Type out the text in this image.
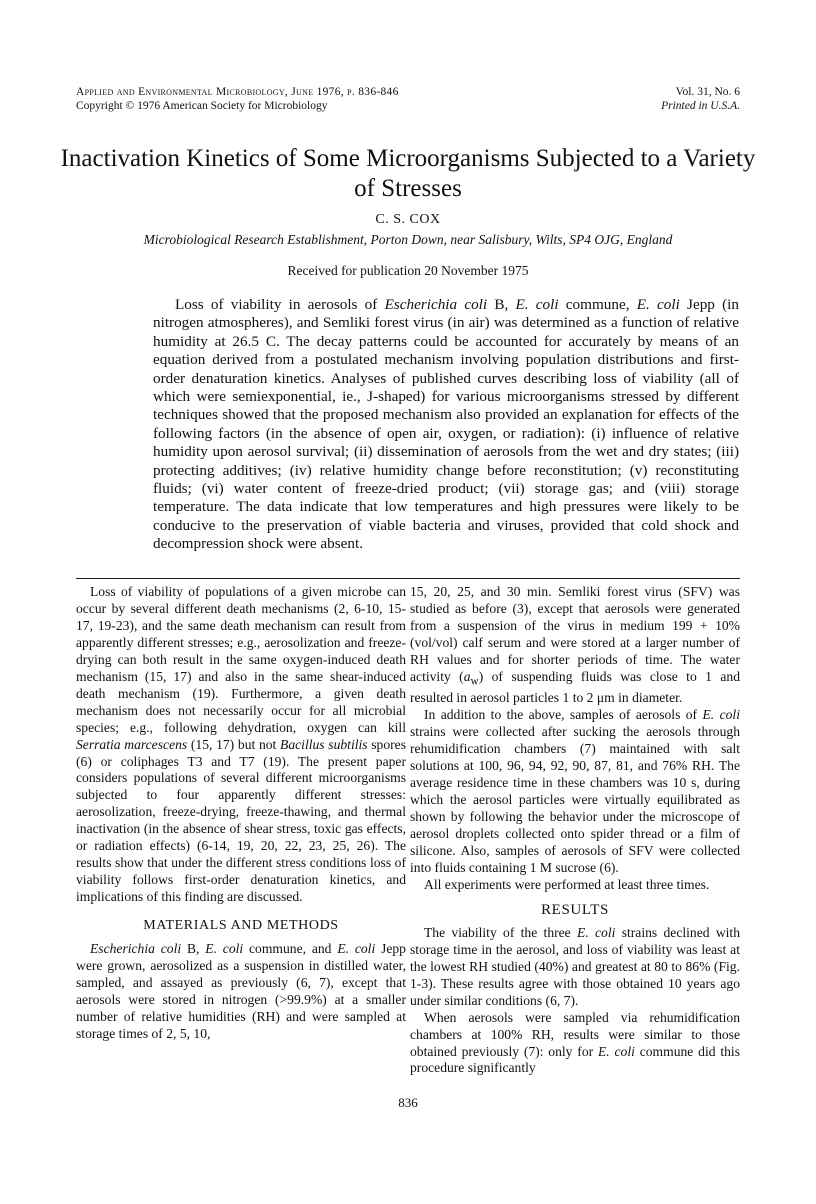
Applied and Environmental Microbiology, June 1976, p. 836-846
Copyright © 1976 American Society for Microbiology
Vol. 31, No. 6
Printed in U.S.A.
Inactivation Kinetics of Some Microorganisms Subjected to a Variety of Stresses
C. S. COX
Microbiological Research Establishment, Porton Down, near Salisbury, Wilts, SP4 OJG, England
Received for publication 20 November 1975

Loss of viability in aerosols of Escherichia coli B, E. coli commune, E. coli Jepp (in nitrogen atmospheres), and Semliki forest virus (in air) was determined as a function of relative humidity at 26.5 C. The decay patterns could be accounted for accurately by means of an equation derived from a postulated mechanism involving population distributions and first-order denaturation kinetics. Analyses of published curves describing loss of viability (all of which were semiexponential, ie., J-shaped) for various microorganisms stressed by different techniques showed that the proposed mechanism also provided an explanation for effects of the following factors (in the absence of open air, oxygen, or radiation): (i) influence of relative humidity upon aerosol survival; (ii) dissemination of aerosols from the wet and dry states; (iii) protecting additives; (iv) relative humidity change before reconstitution; (v) reconstituting fluids; (vi) water content of freeze-dried product; (vii) storage gas; and (viii) storage temperature. The data indicate that low temperatures and high pressures were likely to be conducive to the preservation of viable bacteria and viruses, provided that cold shock and decompression shock were absent.

Loss of viability of populations of a given microbe can occur by several different death mechanisms (2, 6-10, 15-17, 19-23), and the same death mechanism can result from apparently different stresses; e.g., aerosolization and freeze-drying can both result in the same oxygen-induced death mechanism (15, 17) and also in the same shear-induced death mechanism (19). Furthermore, a given death mechanism does not necessarily occur for all microbial species; e.g., following dehydration, oxygen can kill Serratia marcescens (15, 17) but not Bacillus subtilis spores (6) or coliphages T3 and T7 (19). The present paper considers populations of several different microorganisms subjected to four apparently different stresses: aerosolization, freeze-drying, freeze-thawing, and thermal inactivation (in the absence of shear stress, toxic gas effects, or radiation effects) (6-14, 19, 20, 22, 23, 25, 26). The results show that under the different stress conditions loss of viability follows first-order denaturation kinetics, and implications of this finding are discussed.

MATERIALS AND METHODS

Escherichia coli B, E. coli commune, and E. coli Jepp were grown, aerosolized as a suspension in distilled water, sampled, and assayed as previously (6, 7), except that aerosols were stored in nitrogen (>99.9%) at a smaller number of relative humidities (RH) and were sampled at storage times of 2, 5, 10,

15, 20, 25, and 30 min. Semliki forest virus (SFV) was studied as before (3), except that aerosols were generated from a suspension of the virus in medium 199 + 10% (vol/vol) calf serum and were stored at a larger number of RH values and for shorter periods of time. The water activity $(a_w)$ of suspending fluids was close to 1 and resulted in aerosol particles 1 to 2 μm in diameter.

In addition to the above, samples of aerosols of E. coli strains were collected after sucking the aerosols through rehumidification chambers (7) maintained with salt solutions at 100, 96, 94, 92, 90, 87, 81, and 76% RH. The average residence time in these chambers was 10 s, during which the aerosol particles were virtually equilibrated as shown by following the behavior under the microscope of aerosol droplets collected onto spider thread or a film of silicone. Also, samples of aerosols of SFV were collected into fluids containing 1 M sucrose (6).

All experiments were performed at least three times.

RESULTS

The viability of the three E. coli strains declined with storage time in the aerosol, and loss of viability was least at the lowest RH studied (40%) and greatest at 80 to 86% (Fig. 1-3). These results agree with those obtained 10 years ago under similar conditions (6, 7).

When aerosols were sampled via rehumidification chambers at 100% RH, results were similar to those obtained previously (7): only for E. coli commune did this procedure significantly

836
